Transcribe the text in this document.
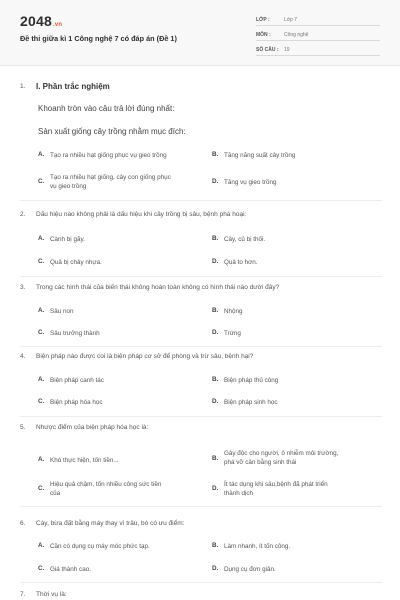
2048.vn
Đề thi giữa kì 1 Công nghệ 7 có đáp án (Đề 1)
LỚP :	Lớp 7
MÔN :	Công nghệ
SỐ CÂU :	19
1. I. Phần trắc nghiệm
Khoanh tròn vào câu trả lời đúng nhất:
Sản xuất giống cây trồng nhằm mục đích:
A. Tạo ra nhiều hạt giống phục vụ gieo trồng	B. Tăng năng suất cây trồng
C.
Tạo ra nhiều hạt giống, cây con giống phục
vụ gieo trồng
D. Tăng vụ gieo trồng
2. Dấu hiệu nào không phải là dấu hiệu khi cây trồng bị sâu, bệnh phá hoại:
A. Cành bị gãy.	B. Cây, củ bị thối.
C. Quả bị chảy nhựa.	D. Quả to hơn.
3. Trong các hình thái của biến thái không hoàn toàn không có hình thái nào dưới đây?
A. Sâu non	B. Nhộng
C. Sâu trưởng thành	D. Trứng
4. Biện pháp nào được coi là biện pháp cơ sở để phòng và trừ sâu, bệnh hại?
A. Biện pháp canh tác	B. Biện pháp thủ công
C. Biện pháp hóa học	D. Biện pháp sinh học
5. Nhược điểm của biện pháp hóa học là:
A. Khó thực hiện, tốn tiền...	B.
Gây độc cho người, ô nhiễm môi trường,
phá vỡ cân bằng sinh thái
C.
Hiệu quả chậm, tốn nhiều công sức tiền
của
D.
Ít tác dụng khi sâu,bệnh đã phát triển
thành dịch
6. Cày, bừa đất bằng máy thay vì trâu, bò có ưu điểm:
A. Cần có dụng cụ máy móc phức tạp.	B. Làm nhanh, ít tốn công.
C. Giá thành cao.	D. Dụng cụ đơn giản.
7. Thời vụ là:
